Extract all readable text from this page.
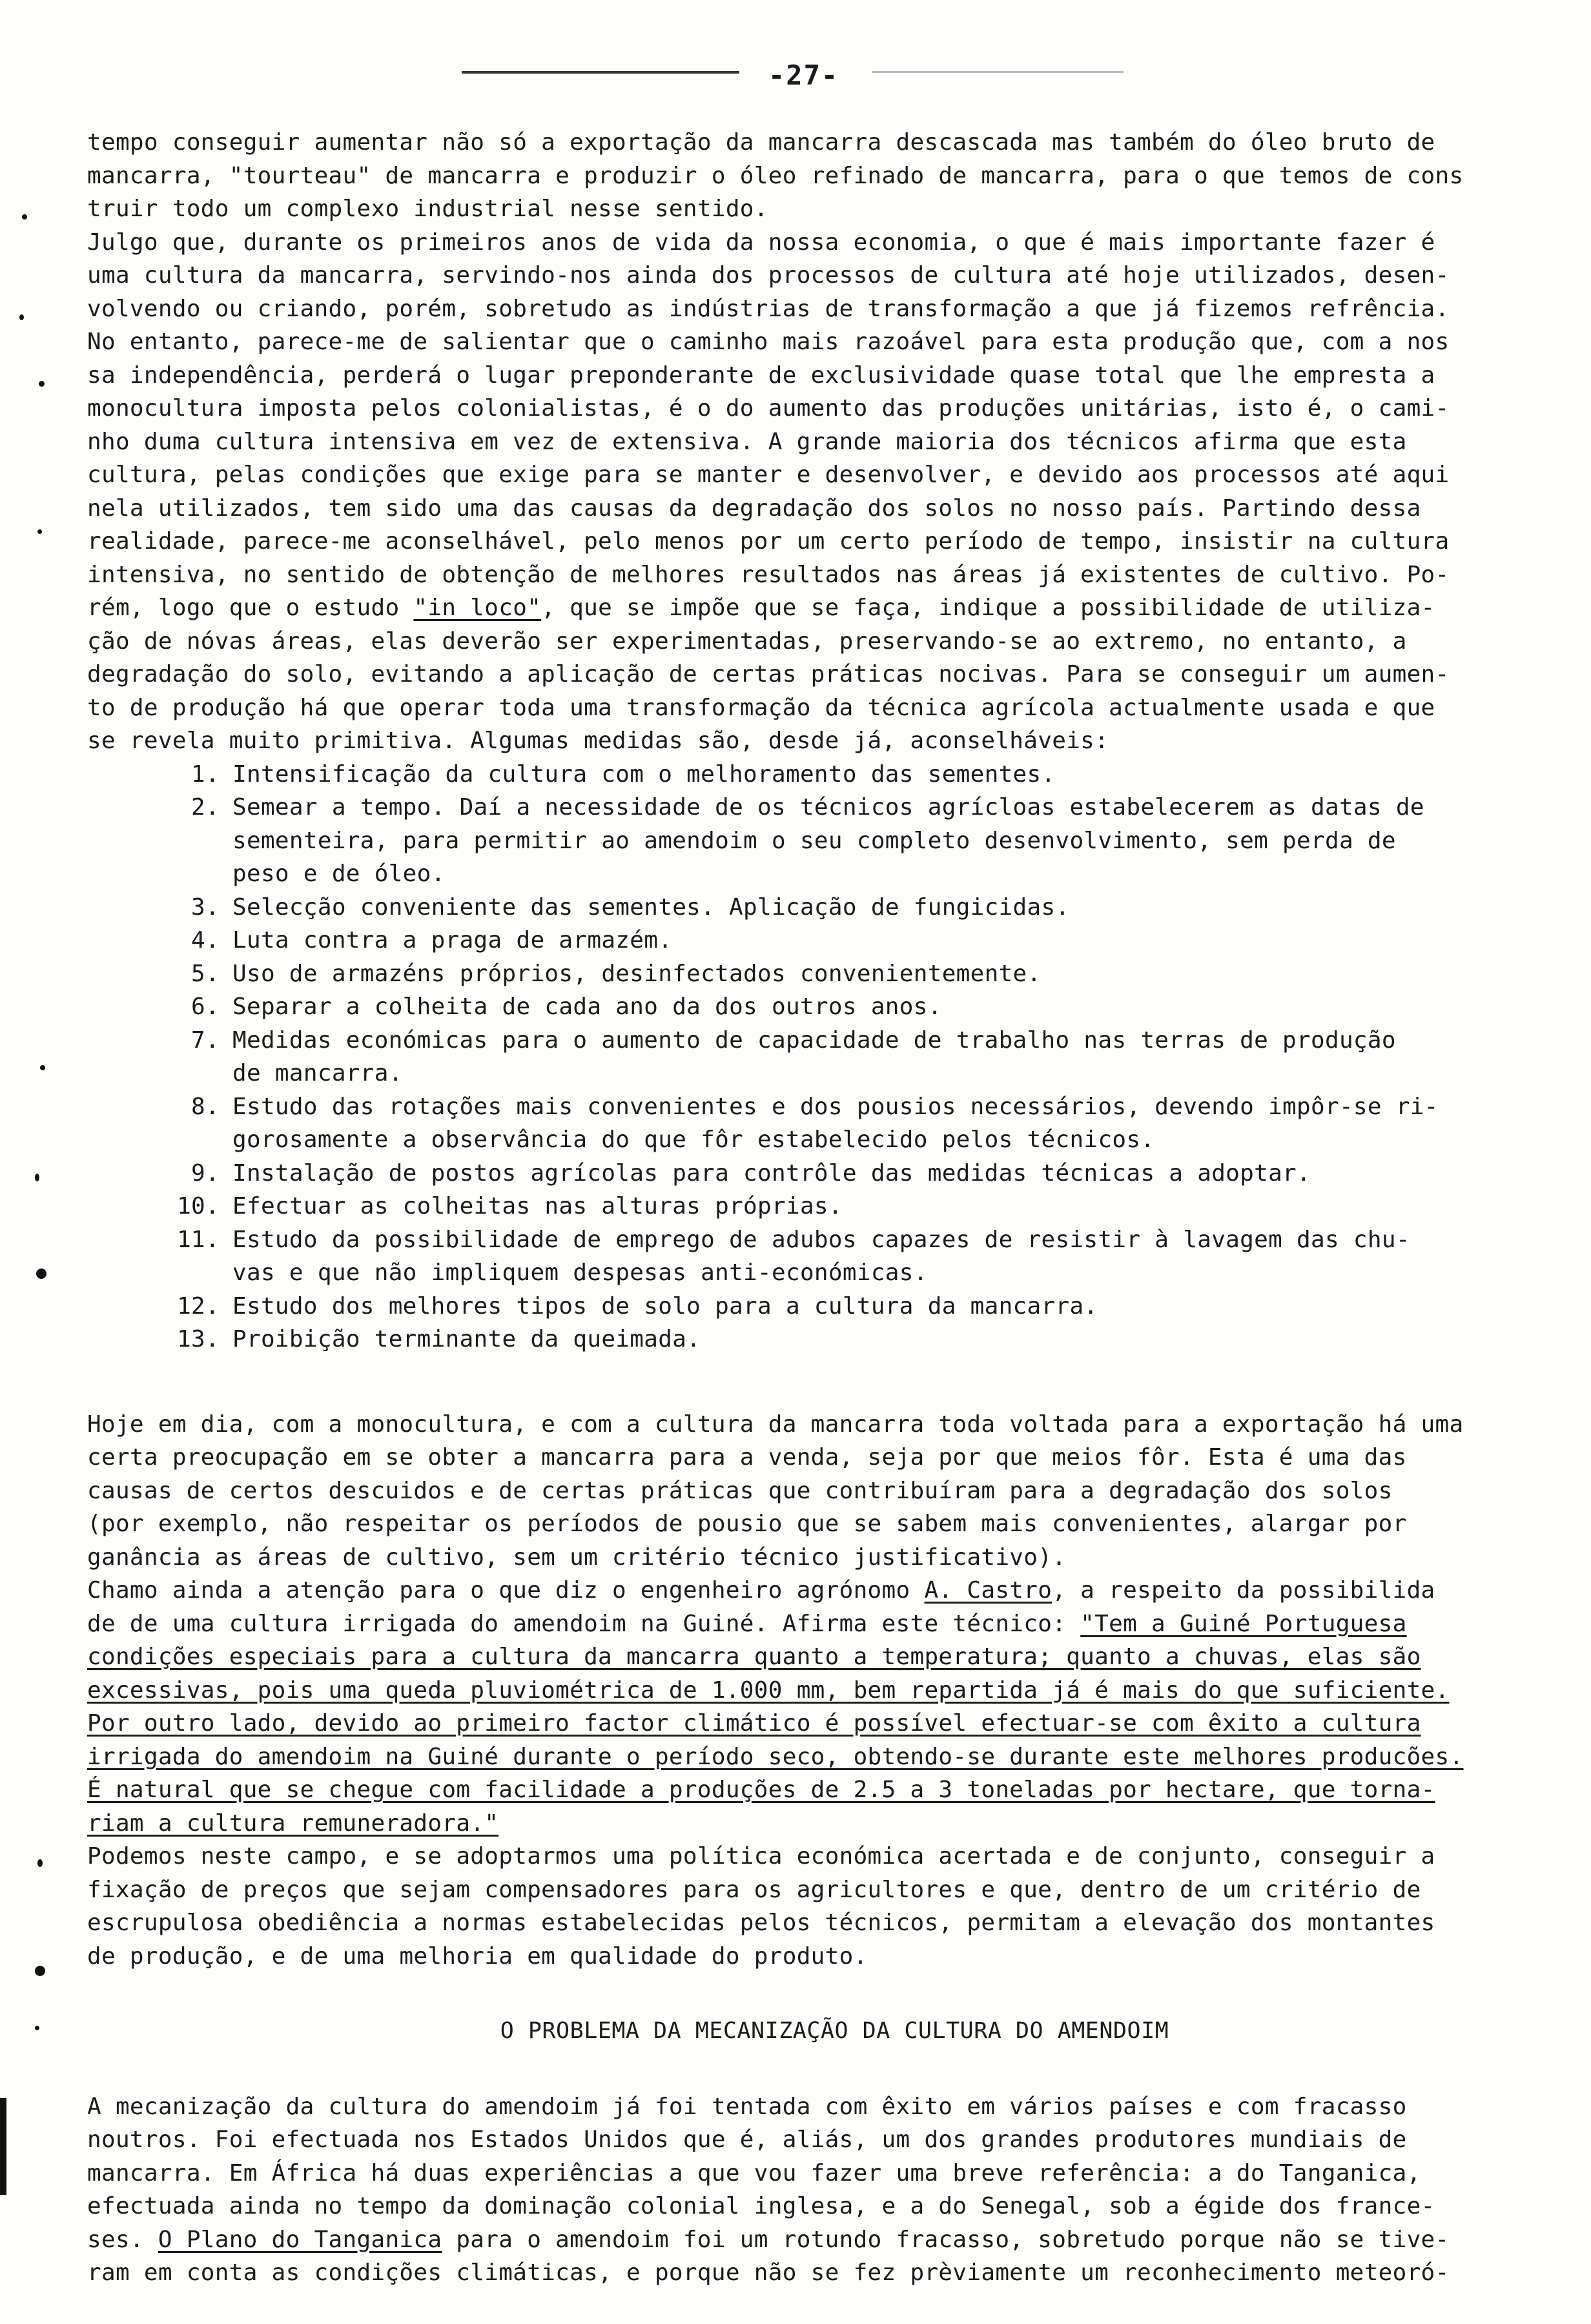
-27-
tempo conseguir aumentar não só a exportação da mancarra descascada mas também do óleo bruto de
mancarra, "tourteau" de mancarra e produzir o óleo refinado de mancarra, para o que temos de cons
truir todo um complexo industrial nesse sentido.
Julgo que, durante os primeiros anos de vida da nossa economia, o que é mais importante fazer é
uma cultura da mancarra, servindo-nos ainda dos processos de cultura até hoje utilizados, desen-
volvendo ou criando, porém, sobretudo as indústrias de transformação a que já fizemos refrência.
No entanto, parece-me de salientar que o caminho mais razoável para esta produção que, com a nos
sa independência, perderá o lugar preponderante de exclusividade quase total que lhe empresta a
monocultura imposta pelos colonialistas, é o do aumento das produções unitárias, isto é, o cami-
nho duma cultura intensiva em vez de extensiva. A grande maioria dos técnicos afirma que esta
cultura, pelas condições que exige para se manter e desenvolver, e devido aos processos até aqui
nela utilizados, tem sido uma das causas da degradação dos solos no nosso país. Partindo dessa
realidade, parece-me aconselhável, pelo menos por um certo período de tempo, insistir na cultura
intensiva, no sentido de obtenção de melhores resultados nas áreas já existentes de cultivo. Po-
rém, logo que o estudo "in loco", que se impõe que se faça, indique a possibilidade de utiliza-
ção de nóvas áreas, elas deverão ser experimentadas, preservando-se ao extremo, no entanto, a
degradação do solo, evitando a aplicação de certas práticas nocivas. Para se conseguir um aumen-
to de produção há que operar toda uma transformação da técnica agrícola actualmente usada e que
se revela muito primitiva. Algumas medidas são, desde já, aconselháveis:
1. Intensificação da cultura com o melhoramento das sementes.
2. Semear a tempo. Daí a necessidade de os técnicos agrícloas estabelecerem as datas de
sementeira, para permitir ao amendoim o seu completo desenvolvimento, sem perda de
peso e de óleo.
3. Selecção conveniente das sementes. Aplicação de fungicidas.
4. Luta contra a praga de armazém.
5. Uso de armazéns próprios, desinfectados convenientemente.
6. Separar a colheita de cada ano da dos outros anos.
7. Medidas económicas para o aumento de capacidade de trabalho nas terras de produção
de mancarra.
8. Estudo das rotações mais convenientes e dos pousios necessários, devendo impôr-se ri-
gorosamente a observância do que fôr estabelecido pelos técnicos.
9. Instalação de postos agrícolas para contrôle das medidas técnicas a adoptar.
10. Efectuar as colheitas nas alturas próprias.
11. Estudo da possibilidade de emprego de adubos capazes de resistir à lavagem das chu-
vas e que não impliquem despesas anti-económicas.
12. Estudo dos melhores tipos de solo para a cultura da mancarra.
13. Proibição terminante da queimada.
Hoje em dia, com a monocultura, e com a cultura da mancarra toda voltada para a exportação há uma
certa preocupação em se obter a mancarra para a venda, seja por que meios fôr. Esta é uma das
causas de certos descuidos e de certas práticas que contribuíram para a degradação dos solos
(por exemplo, não respeitar os períodos de pousio que se sabem mais convenientes, alargar por
ganância as áreas de cultivo, sem um critério técnico justificativo).
Chamo ainda a atenção para o que diz o engenheiro agrónomo A. Castro, a respeito da possibilida
de de uma cultura irrigada do amendoim na Guiné. Afirma este técnico: "Tem a Guiné Portuguesa
condições especiais para a cultura da mancarra quanto a temperatura; quanto a chuvas, elas são
excessivas, pois uma queda pluviométrica de 1.000 mm, bem repartida já é mais do que suficiente.
Por outro lado, devido ao primeiro factor climático é possível efectuar-se com êxito a cultura
irrigada do amendoim na Guiné durante o período seco, obtendo-se durante este melhores producões.
É natural que se chegue com facilidade a produções de 2.5 a 3 toneladas por hectare, que torna-
riam a cultura remuneradora."
Podemos neste campo, e se adoptarmos uma política económica acertada e de conjunto, conseguir a
fixação de preços que sejam compensadores para os agricultores e que, dentro de um critério de
escrupulosa obediência a normas estabelecidas pelos técnicos, permitam a elevação dos montantes
de produção, e de uma melhoria em qualidade do produto.
O PROBLEMA DA MECANIZAÇÃO DA CULTURA DO AMENDOIM
A mecanização da cultura do amendoim já foi tentada com êxito em vários países e com fracasso
noutros. Foi efectuada nos Estados Unidos que é, aliás, um dos grandes produtores mundiais de
mancarra. Em África há duas experiências a que vou fazer uma breve referência: a do Tanganica,
efectuada ainda no tempo da dominação colonial inglesa, e a do Senegal, sob a égide dos france-
ses. O Plano do Tanganica para o amendoim foi um rotundo fracasso, sobretudo porque não se tive-
ram em conta as condições climáticas, e porque não se fez prèviamente um reconhecimento meteoró-
